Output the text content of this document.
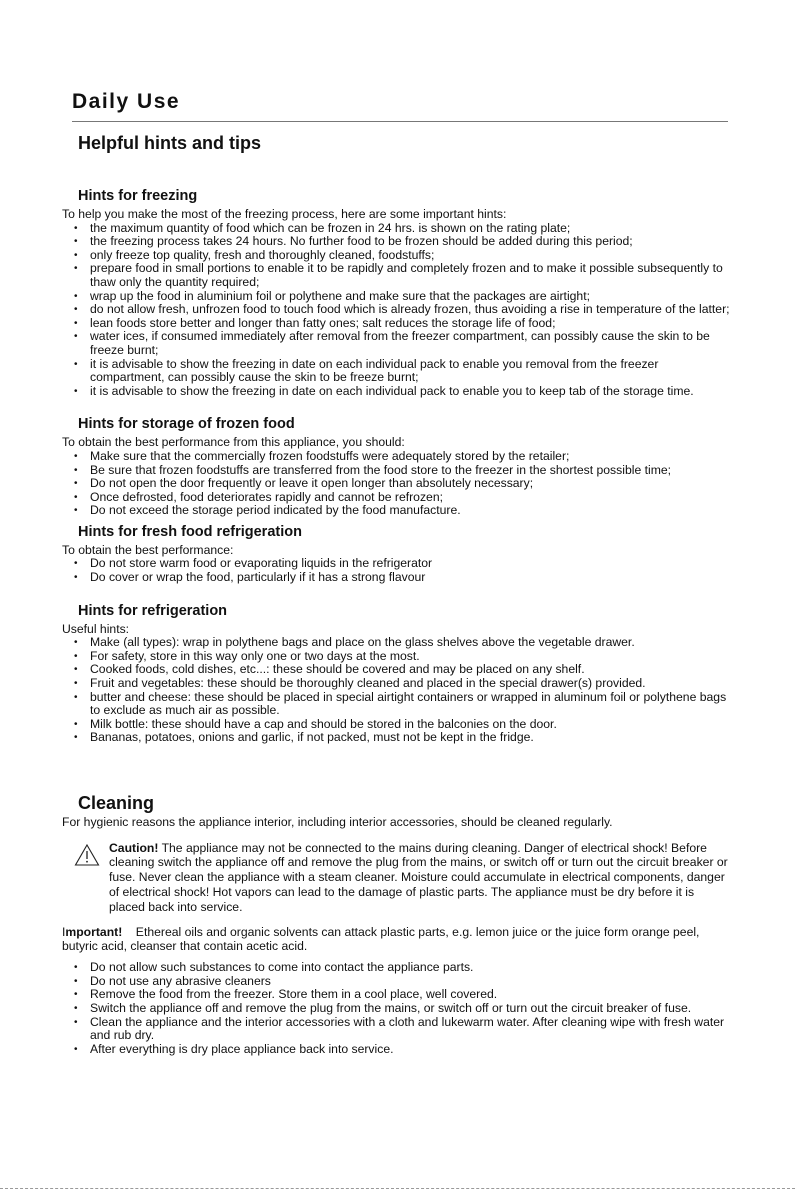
Daily Use
Helpful hints and tips
Hints for freezing

To help you make the most of the freezing process, here are some important hints:

• the maximum quantity of food which can be frozen in 24 hrs. is shown on the rating plate;
• the freezing process takes 24 hours. No further food to be frozen should be added during this period;
• only freeze top quality, fresh and thoroughly cleaned, foodstuffs;
• prepare food in small portions to enable it to be rapidly and completely frozen and to make it possible subsequently to thaw only the quantity required;
• wrap up the food in aluminium foil or polythene and make sure that the packages are airtight;
• do not allow fresh, unfrozen food to touch food which is already frozen, thus avoiding a rise in temperature of the latter;
• lean foods store better and longer than fatty ones; salt reduces the storage life of food;
• water ices, if consumed immediately after removal from the freezer compartment, can possibly cause the skin to be freeze burnt;
• it is advisable to show the freezing in date on each individual pack to enable you removal from the freezer compartment, can possibly cause the skin to be freeze burnt;
• it is advisable to show the freezing in date on each individual pack to enable you to keep tab of the storage time.
Hints for storage of frozen food

To obtain the best performance from this appliance, you should:

• Make sure that the commercially frozen foodstuffs were adequately stored by the retailer;
• Be sure that frozen foodstuffs are transferred from the food store to the freezer in the shortest possible time;
• Do not open the door frequently or leave it open longer than absolutely necessary;
• Once defrosted, food deteriorates rapidly and cannot be refrozen;
• Do not exceed the storage period indicated by the food manufacture.
Hints for fresh food refrigeration

To obtain the best performance:

• Do not store warm food or evaporating liquids in the refrigerator
• Do cover or wrap the food, particularly if it has a strong flavour
Hints for refrigeration

Useful hints:

• Make (all types): wrap in polythene bags and place on the glass shelves above the vegetable drawer.
• For safety, store in this way only one or two days at the most.
• Cooked foods, cold dishes, etc...: these should be covered and may be placed on any shelf.
• Fruit and vegetables: these should be thoroughly cleaned and placed in the special drawer(s) provided.
• butter and cheese: these should be placed in special airtight containers or wrapped in aluminum foil or polythene bags to exclude as much air as possible.
• Milk bottle: these should have a cap and should be stored in the balconies on the door.
• Bananas, potatoes, onions and garlic, if not packed, must not be kept in the fridge.
Cleaning

For hygienic reasons the appliance interior, including interior accessories, should be cleaned regularly.

Caution! The appliance may not be connected to the mains during cleaning. Danger of electrical shock! Before cleaning switch the appliance off and remove the plug from the mains, or switch off or turn out the circuit breaker or fuse. Never clean the appliance with a steam cleaner. Moisture could accumulate in electrical components, danger of electrical shock! Hot vapors can lead to the damage of plastic parts. The appliance must be dry before it is placed back into service.

Important!    Ethereal oils and organic solvents can attack plastic parts, e.g. lemon juice or the juice form orange peel, butyric acid, cleanser that contain acetic acid.

• Do not allow such substances to come into contact the appliance parts.
• Do not use any abrasive cleaners
• Remove the food from the freezer. Store them in a cool place, well covered.
• Switch the appliance off and remove the plug from the mains, or switch off or turn out the circuit breaker of fuse.
• Clean the appliance and the interior accessories with a cloth and lukewarm water. After cleaning wipe with fresh water and rub dry.
• After everything is dry place appliance back into service.
